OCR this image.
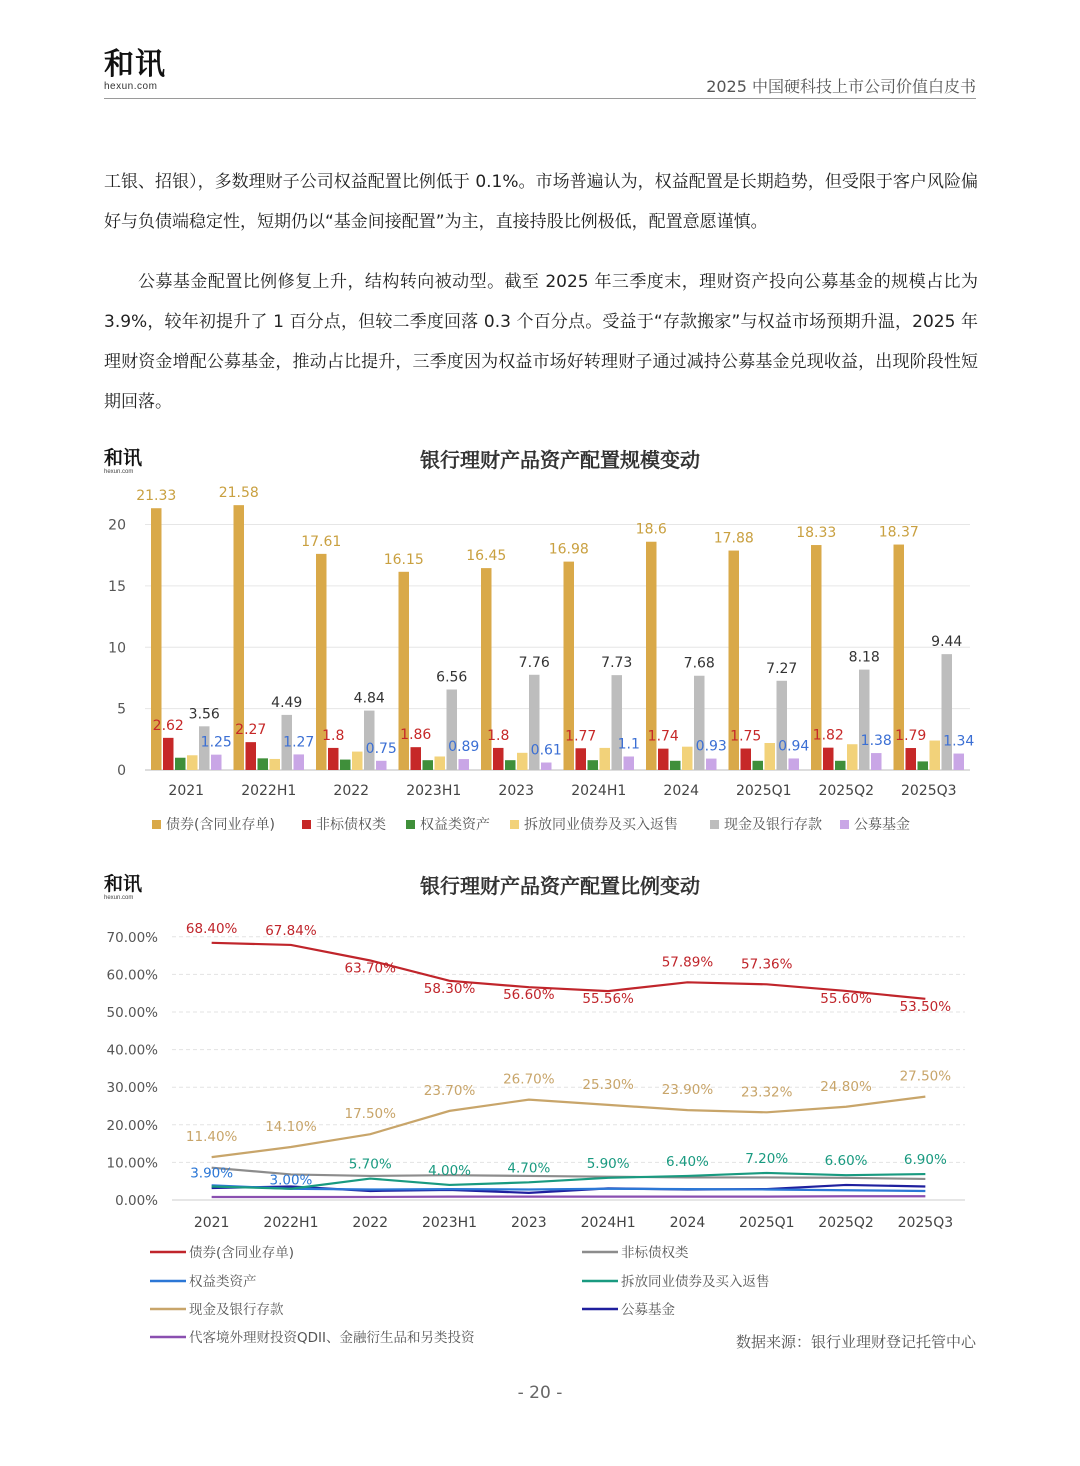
和讯
hexun.com	2025 中国硬科技上市公司价值白皮书

工银、招银），多数理财子公司权益配置比例低于 0.1%。市场普遍认为，权益配置是长期趋势，但受限于客户风险偏好与负债端稳定性，短期仍以“基金间接配置”为主，直接持股比例极低，配置意愿谨慎。

公募基金配置比例修复上升，结构转向被动型。截至 2025 年三季度末，理财资产投向公募基金的规模占比为 3.9%，较年初提升了 1 百分点，但较二季度回落 0.3 个百分点。受益于“存款搬家”与权益市场预期升温，2025 年理财资金增配公募基金，推动占比提升，三季度因为权益市场好转理财子通过减持公募基金兑现收益，出现阶段性短期回落。

和讯
hexun.com	银行理财产品资产配置规模变动
0
5
10
15
20
2021
21.33
2.62
3.56
1.25
2022H1
21.58
2.27
4.49
1.27
2022
17.61
1.8
4.84
0.75
2023H1
16.15
1.86
6.56
0.89
2023
16.45
1.8
7.76
0.61
2024H1
16.98
1.77
7.73
1.1
2024
18.6
1.74
7.68
0.93
2025Q1
17.88
1.75
7.27
0.94
2025Q2
18.33
1.82
8.18
1.38
2025Q3
18.37
1.79
9.44
1.34
债券(含同业存单)	非标债权类 权益类资产 拆放同业债券及买入返售	现金及银行存款 公募基金
和讯
hexun.com	银行理财产品资产配置比例变动
0.00%
10.00%
20.00%
30.00%
40.00%
50.00%
60.00%
70.00%
2021 2022H1 2022 2023H1 2023 2024H1 2024 2025Q1 2025Q2 2025Q3
68.40% 67.84%
63.70%
58.30% 56.60% 55.56%
57.89% 57.36%
55.60% 53.50%
3.90%	3.00%
5.70%	4.00%	4.70%	5.90%	6.40%	7.20%	6.60%	6.90%
11.40%
14.10%
17.50%
23.70%
26.70% 25.30% 23.90% 23.32% 24.80%
27.50%
债券(含同业存单)	非标债权类
权益类资产	拆放同业债券及买入返售
现金及银行存款	公募基金
代客境外理财投资QDII、金融衍生品和另类投资	数据来源：银行业理财登记托管中心
- 20 -
